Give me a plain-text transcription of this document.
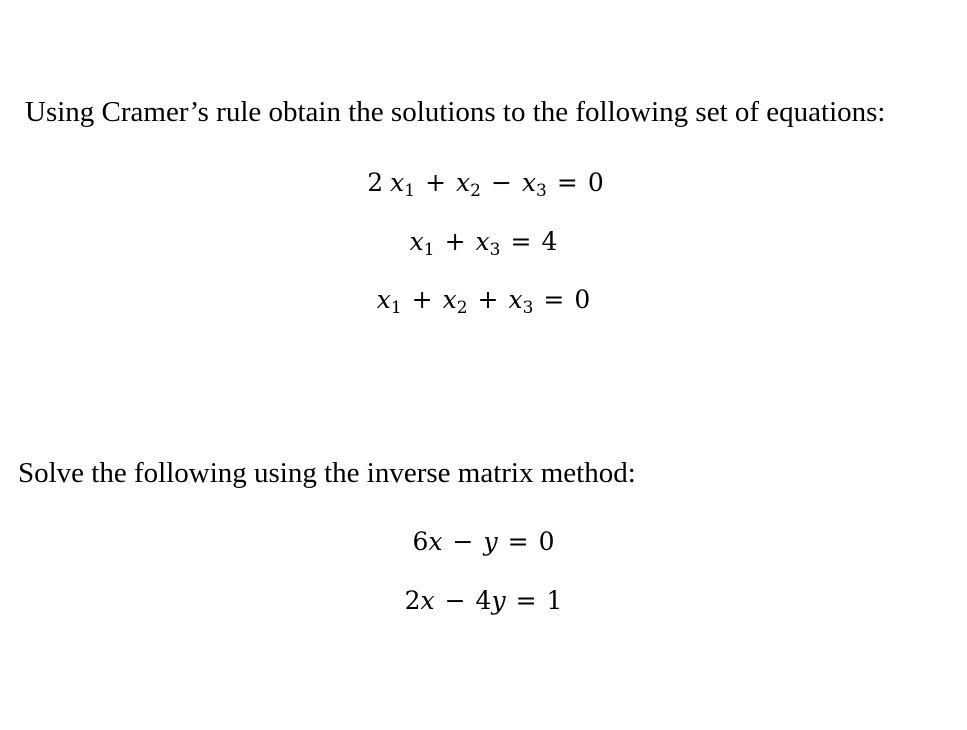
Using Cramer’s rule obtain the solutions to the following set of equations:

2 $x_1 + x_2 - x_3 = 0$
$x_1 + x_3 = 4$
$x_1 + x_2 + x_3 = 0$

Solve the following using the inverse matrix method:

6x − y = 0
2x − 4y = 1
